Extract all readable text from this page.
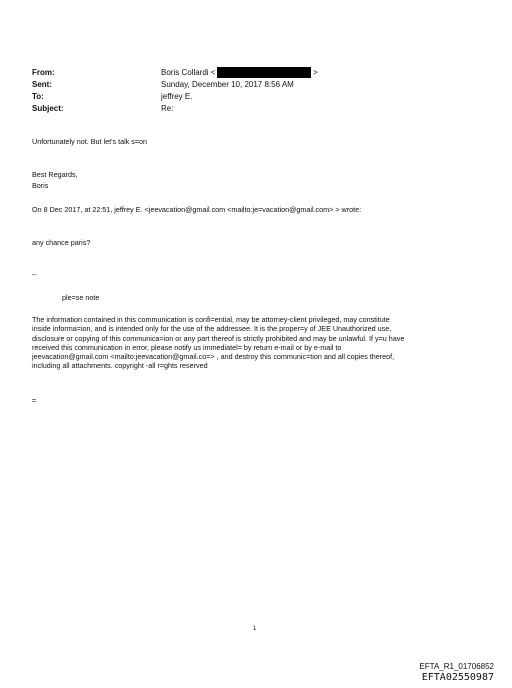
From:	Boris Collardi <	>
Sent:	Sunday, December 10, 2017 8:56 AM
To:	jeffrey E.
Subject:	Re:
Unfortunately not. But let's talk s=on
Best Regards,
Boris
On 8 Dec 2017, at 22:51, jeffrey E. <jeevacation@gmail.com <mailto:je=vacation@gmail.com> > wrote:
any chance paris?
--
ple=se note
The information contained in this communication is confi=ential, may be attorney-client privileged, may constitute
inside informa=ion, and is intended only for the use of the addressee. It is the proper=y of JEE Unauthorized use,
disclosure or copying of this communica=ion or any part thereof is strictly prohibited and may be unlawful. If y=u have
received this communication in error, please notify us immediatel= by return e-mail or by e-mail to
jeevacation@gmail.com <mailto:jeevacation@gmail.co=> , and destroy this communic=tion and all copies thereof,
including all attachments. copyright -all r=ghts reserved
=
1
EFTA_R1_01706852
EFTA02550987
